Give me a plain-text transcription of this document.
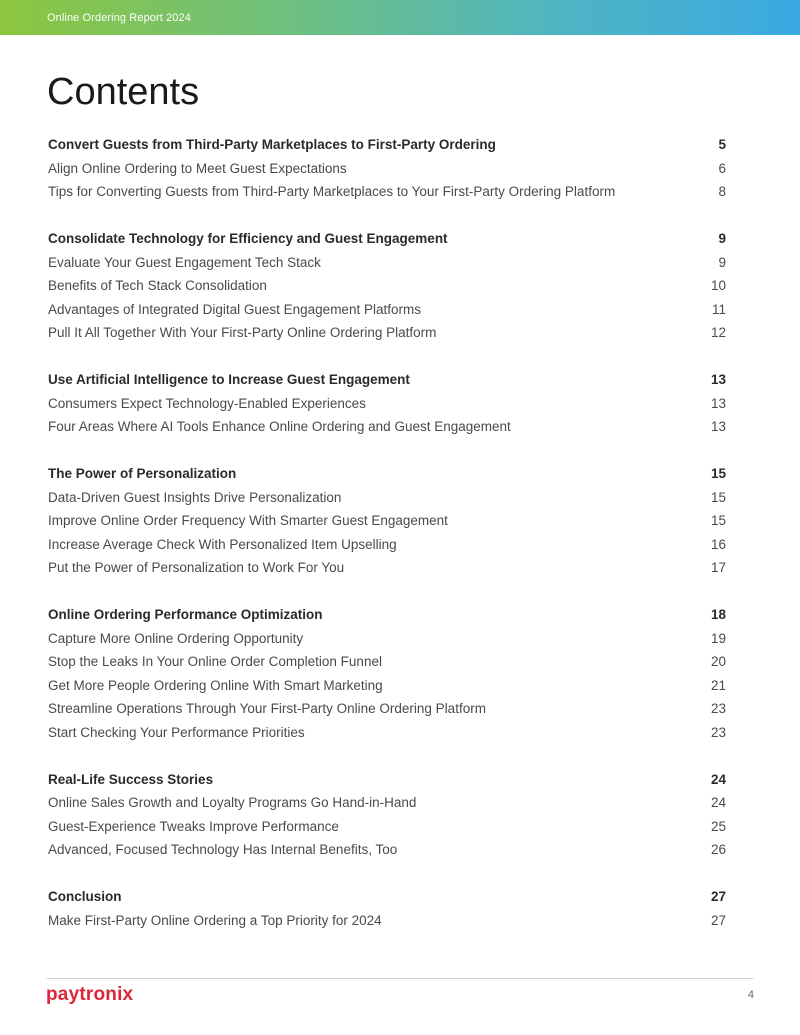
Online Ordering Report 2024
Contents
Convert Guests from Third-Party Marketplaces to First-Party Ordering	5
Align Online Ordering to Meet Guest Expectations	6
Tips for Converting Guests from Third-Party Marketplaces to Your First-Party Ordering Platform	8
Consolidate Technology for Efficiency and Guest Engagement	9
Evaluate Your Guest Engagement Tech Stack	9
Benefits of Tech Stack Consolidation	10
Advantages of Integrated Digital Guest Engagement Platforms	11
Pull It All Together With Your First-Party Online Ordering Platform	12
Use Artificial Intelligence to Increase Guest Engagement	13
Consumers Expect Technology-Enabled Experiences	13
Four Areas Where AI Tools Enhance Online Ordering and Guest Engagement	13
The Power of Personalization	15
Data-Driven Guest Insights Drive Personalization	15
Improve Online Order Frequency With Smarter Guest Engagement	15
Increase Average Check With Personalized Item Upselling	16
Put the Power of Personalization to Work For You	17
Online Ordering Performance Optimization	18
Capture More Online Ordering Opportunity	19
Stop the Leaks In Your Online Order Completion Funnel	20
Get More People Ordering Online With Smart Marketing	21
Streamline Operations Through Your First-Party Online Ordering Platform	23
Start Checking Your Performance Priorities	23
Real-Life Success Stories	24
Online Sales Growth and Loyalty Programs Go Hand-in-Hand	24
Guest-Experience Tweaks Improve Performance	25
Advanced, Focused Technology Has Internal Benefits, Too	26
Conclusion	27
Make First-Party Online Ordering a Top Priority for 2024	27
paytronix	4
